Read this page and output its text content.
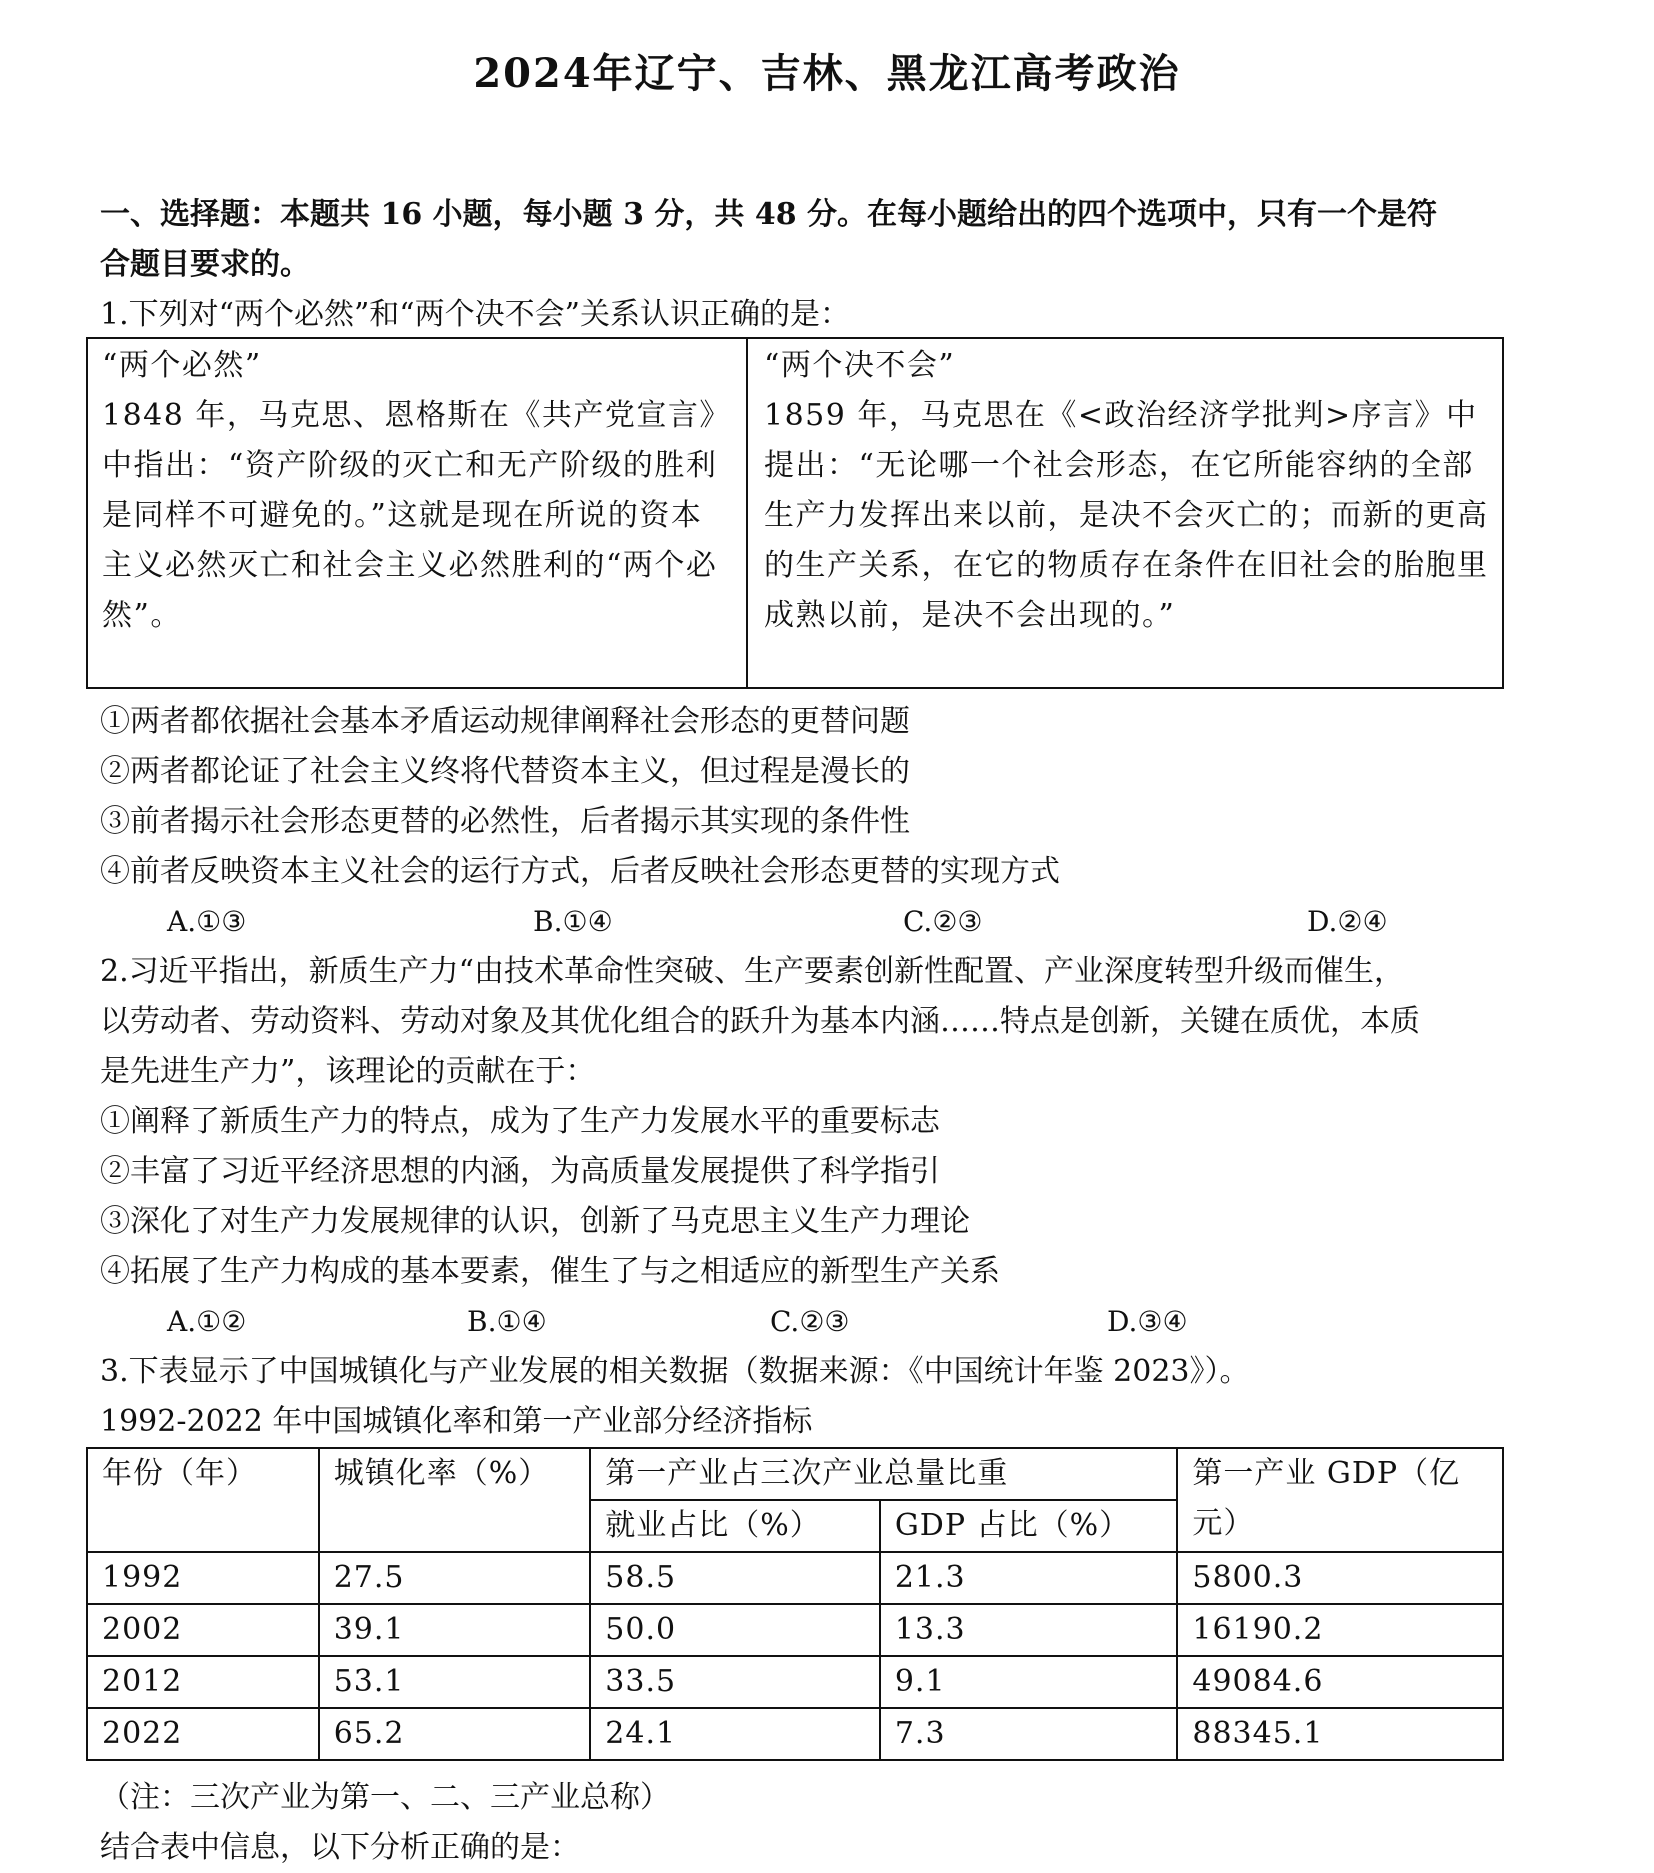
2024年辽宁、吉林、黑龙江高考政治
一、选择题：本题共 16 小题，每小题 3 分，共 48 分。在每小题给出的四个选项中，只有一个是符
合题目要求的。
1.下列对“两个必然”和“两个决不会”关系认识正确的是：
“两个必然”
1848 年，马克思、恩格斯在《共产党宣言》中指出：“资产阶级的灭亡和无产阶级的胜利是同样不可避免的。”这就是现在所说的资本主义必然灭亡和社会主义必然胜利的“两个必然”。
“两个决不会”
1859 年，马克思在《<政治经济学批判>序言》中提出：“无论哪一个社会形态，在它所能容纳的全部生产力发挥出来以前，是决不会灭亡的；而新的更高的生产关系，在它的物质存在条件在旧社会的胎胞里成熟以前，是决不会出现的。”
①两者都依据社会基本矛盾运动规律阐释社会形态的更替问题
②两者都论证了社会主义终将代替资本主义，但过程是漫长的
③前者揭示社会形态更替的必然性，后者揭示其实现的条件性
④前者反映资本主义社会的运行方式，后者反映社会形态更替的实现方式
A.①③	B.①④	C.②③	D.②④
2.习近平指出，新质生产力“由技术革命性突破、生产要素创新性配置、产业深度转型升级而催生，
以劳动者、劳动资料、劳动对象及其优化组合的跃升为基本内涵……特点是创新，关键在质优，本质
是先进生产力”，该理论的贡献在于：
①阐释了新质生产力的特点，成为了生产力发展水平的重要标志
②丰富了习近平经济思想的内涵，为高质量发展提供了科学指引
③深化了对生产力发展规律的认识，创新了马克思主义生产力理论
④拓展了生产力构成的基本要素，催生了与之相适应的新型生产关系
A.①②	B.①④	C.②③	D.③④
3.下表显示了中国城镇化与产业发展的相关数据（数据来源：《中国统计年鉴 2023》）。
1992-2022 年中国城镇化率和第一产业部分经济指标
年份（年）	城镇化率（%）	第一产业占三次产业总量比重		第一产业 GDP（亿元）
		就业占比（%）	GDP 占比（%）	
1992	27.5	58.5	21.3	5800.3
2002	39.1	50.0	13.3	16190.2
2012	53.1	33.5	9.1	49084.6
2022	65.2	24.1	7.3	88345.1
（注：三次产业为第一、二、三产业总称）
结合表中信息，以下分析正确的是：
